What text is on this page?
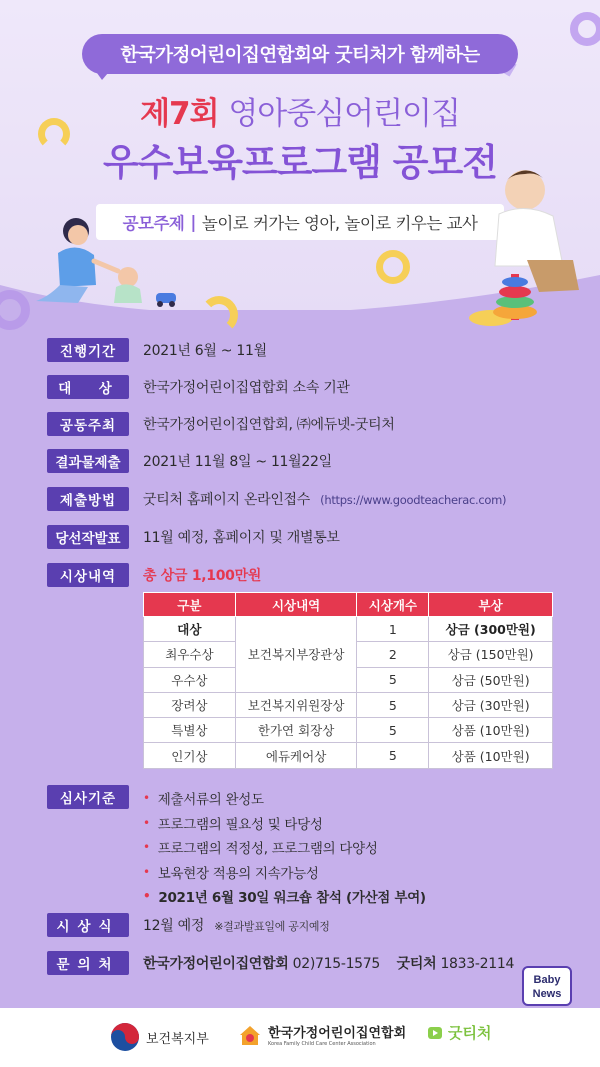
한국가정어린이집연합회와 굿티처가 함께하는
제7회 영아중심어린이집
우수보육프로그램 공모전
공모주제 | 놀이로 커가는 영아, 놀이로 키우는 교사
진행기간	2021년 6월 ~ 11월
대  상	한국가정어린이집엽합회 소속 기관
공동주최	한국가정어린이집연합회, ㈜에듀넷-굿티처
결과물제출	2021년 11월 8일 ~ 11월22일
제출방법	굿티처 홈페이지 온라인접수 (https://www.goodteacherac.com)
당선작발표	11월 예정, 홈페이지 및 개별통보
시상내역	총 상금 1,100만원
구분	시상내역	시상개수	부상
대상	보건복지부장관상	1	상금 (300만원)
최우수상		2	상금 (150만원)
우수상		5	상금 (50만원)
장려상	보건복지위원장상	5	상금 (30만원)
특별상	한가연 회장상	5	상품 (10만원)
인기상	에듀케어상	5	상품 (10만원)
심사기준	• 제출서류의 완성도
• 프로그램의 필요성 및 타당성
• 프로그램의 적정성, 프로그램의 다양성
• 보육현장 적용의 지속가능성
• 2021년 6월 30일 워크숍 참석 (가산점 부여)
시상식	12월 예정 ※결과발표일에 공지예정
문의처	한국가정어린이집연합회 02)715-1575 굿티처 1833-2114
Baby
News
보건복지부	한국가정어린이집연합회
Korea Family Child Care Center Association
굿티처
